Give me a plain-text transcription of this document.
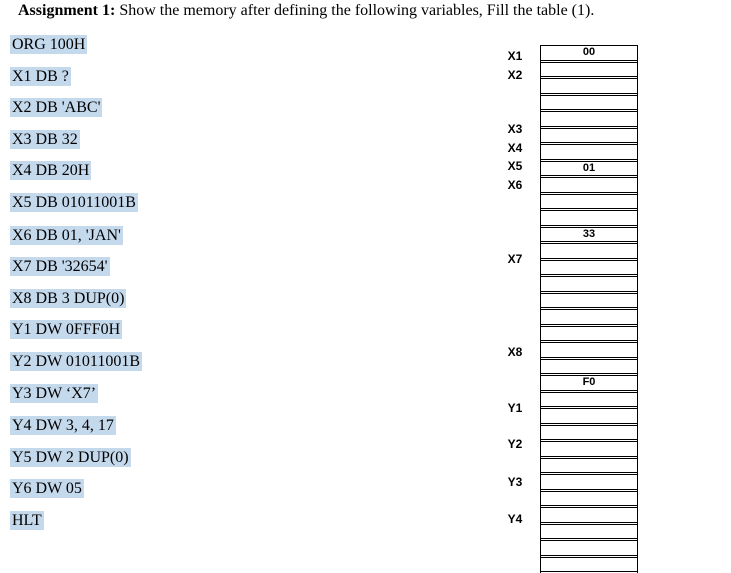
Assignment 1: Show the memory after defining the following variables, Fill the table (1).
ORG 100H
X1 DB ?
X2 DB 'ABC'
X3 DB 32
X4 DB 20H
X5 DB 01011001B
X6 DB 01, 'JAN'
X7 DB '32654'
X8 DB 3 DUP(0)
Y1 DW 0FFF0H
Y2 DW 01011001B
Y3 DW ‘X7’
Y4 DW 3, 4, 17
Y5 DW 2 DUP(0)
Y6 DW 05
HLT
X1
X2
X3
X4
X5
X6
X7
X8
Y1
Y2
Y3
Y4
00
01
33
F0
